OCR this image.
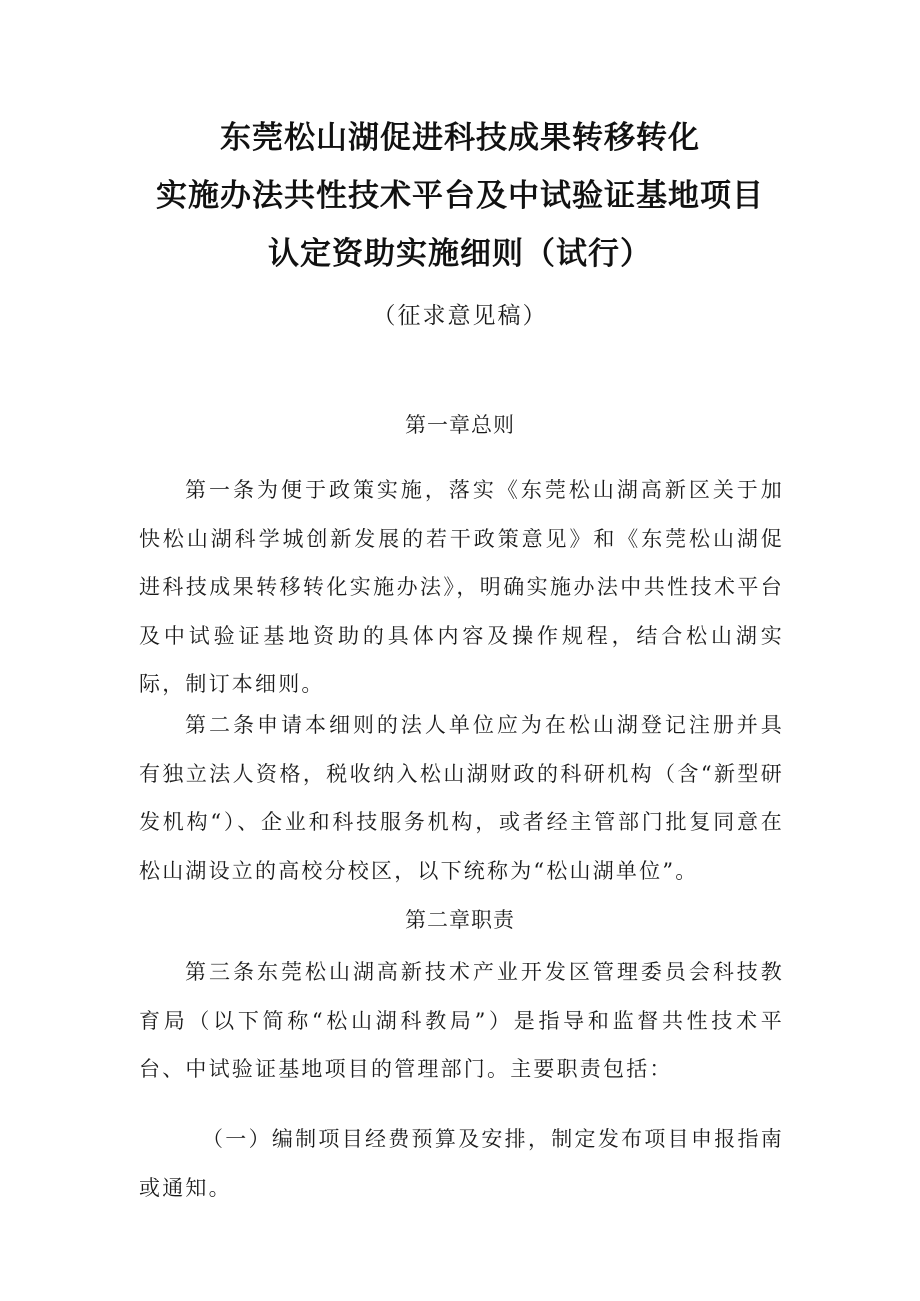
东莞松山湖促进科技成果转移转化
实施办法共性技术平台及中试验证基地项目
认定资助实施细则（试行）
（征求意见稿）
第一章总则

第一条为便于政策实施，落实《东莞松山湖高新区关于加快松山湖科学城创新发展的若干政策意见》和《东莞松山湖促进科技成果转移转化实施办法》，明确实施办法中共性技术平台及中试验证基地资助的具体内容及操作规程，结合松山湖实际，制订本细则。

第二条申请本细则的法人单位应为在松山湖登记注册并具有独立法人资格，税收纳入松山湖财政的科研机构（含“新型研发机构“）、企业和科技服务机构，或者经主管部门批复同意在松山湖设立的高校分校区，以下统称为“松山湖单位”。

第二章职责

第三条东莞松山湖高新技术产业开发区管理委员会科技教育局（以下简称“松山湖科教局”）是指导和监督共性技术平台、中试验证基地项目的管理部门。主要职责包括：

（一）编制项目经费预算及安排，制定发布项目申报指南或通知。
